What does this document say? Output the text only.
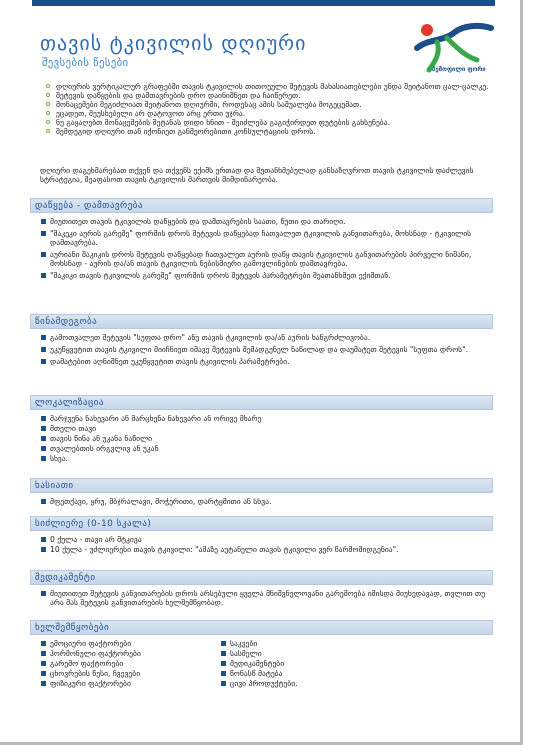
თავის ტკივილის დღიური
შევსების წესები
ჰემოფილი ფორი
დღიურის ვერტიკალურ გრაფებში თავის ტკივილის თითოეული შეტევის მახასიათებლები უნდა შეიტანოთ ცალ-ცალკე.
შეტევის დაწყების და დამთავრების დრო დაინიშნეთ და ჩაიწერეთ.
მონაცემები შეგიძლიათ შეიტანოთ დღიურში, როდესაც ამის საშუალება მოგეცემათ.
ეცადეთ, შეუსხებელი არ დატოვოთ არც ერთი უჯრა.
ნუ გაყაღებთ მონაცემების შეტანას დიდი ხნით - შეიძლება გაგიჭირდეთ ფუტების გახსენება.
შემდეგიდ დღიური თან იქონიეთ განმეორებითი კონსულტაციის დროს.

დღიური დაგეხმარებათ თქვენ და თქვენს ექიმს ერთად და შეთანხმებულად განსაზღვროთ თავის ტკივილის დაძლევის სტრატეგია, შეაფასოთ თავის ტკივილის მართვის მიმდინარეობა.

დაწყება - დამთავრება
მიუთითეთ თავის ტკივილის დაწყების და დამთავრების საათი, წუთი და თარიღი.
"მაკეკი აურის გარეშე" ფორმის დროს შეტევის დაწყებად ჩათვალეთ ტკივილის განვითარება, მოხსნად - ტკივილის დამთავრება.
აურიანი შაკიკის დროს შეტევის დაწყებად ჩათვალეთ აურის დაწყ თავის ტკივილის განვითარების პირველი ნიშანი, მოხსნად - აურის და/ან თავის ტკივილის ნებისმიერი გამოვლინების დამთავრება.
"შაკიკი თავის ტკივილის გარეშე" ფორმის დროს შეტევის პარამეტრები შეათანხმეთ ექიმთან.
წინამდეგობა
გამოთვალეთ შეტევის "სუფთა დრო" ანუ თავის ტკივილის და/ან აურის ხანგრძლივობა.
უკუწყვეტით თავის ტკივილი მიიჩნიეთ იმავე შეტევის შემადგენელ ნაწილად და დაუმატეთ შეტევის "სუფთა დროს".
დამატებით აღნიშნეთ უკუწყვეტით თავის ტკივილის პარამეტრები.
ლოკალიზაცია
მარჯვენა ნახევარი ან მარცხენა ნახევარი ან ორივე მხარე
მთელი თავი
თავის წინა ან უკანა ნაწილი
თვალებთის ირგვლივ ან უკან
სხვა.
ხასიათი
მფეთქავი, ყრუ, მბჯრალავი, მოჭერითი, დარტყმითი ან სხვა.
სიძლიერე (0-10 სკალა)
0 ქულა - თავი არ მტკივა
10 ქულა - უძლიერესი თავის ტკივილი: "ამაზე აუტანელი თავის ტკივილი ვერ წარმომიდგენია".
მედიკამენტი
მიუთითეთ შეტევის განვითარების დროს არსებული ყველა მნიშვნელოვანი გარემოება იმისდა მიუხედავად, თვლით თუ არა მას შეტევის განვითარების ხელშემწყობად.
ხელშემწყობები
ემოციური ფაქტორები
ჰორმონული ფაქტორები
გარემო ფაქტორები
ცხოვრების წესი, ჩვევები
ფიზიკური ფაქტორები
საკვები
სასმელი
მედიკამენტები
წონასწ მატება
ცივი პროდუქტები.
